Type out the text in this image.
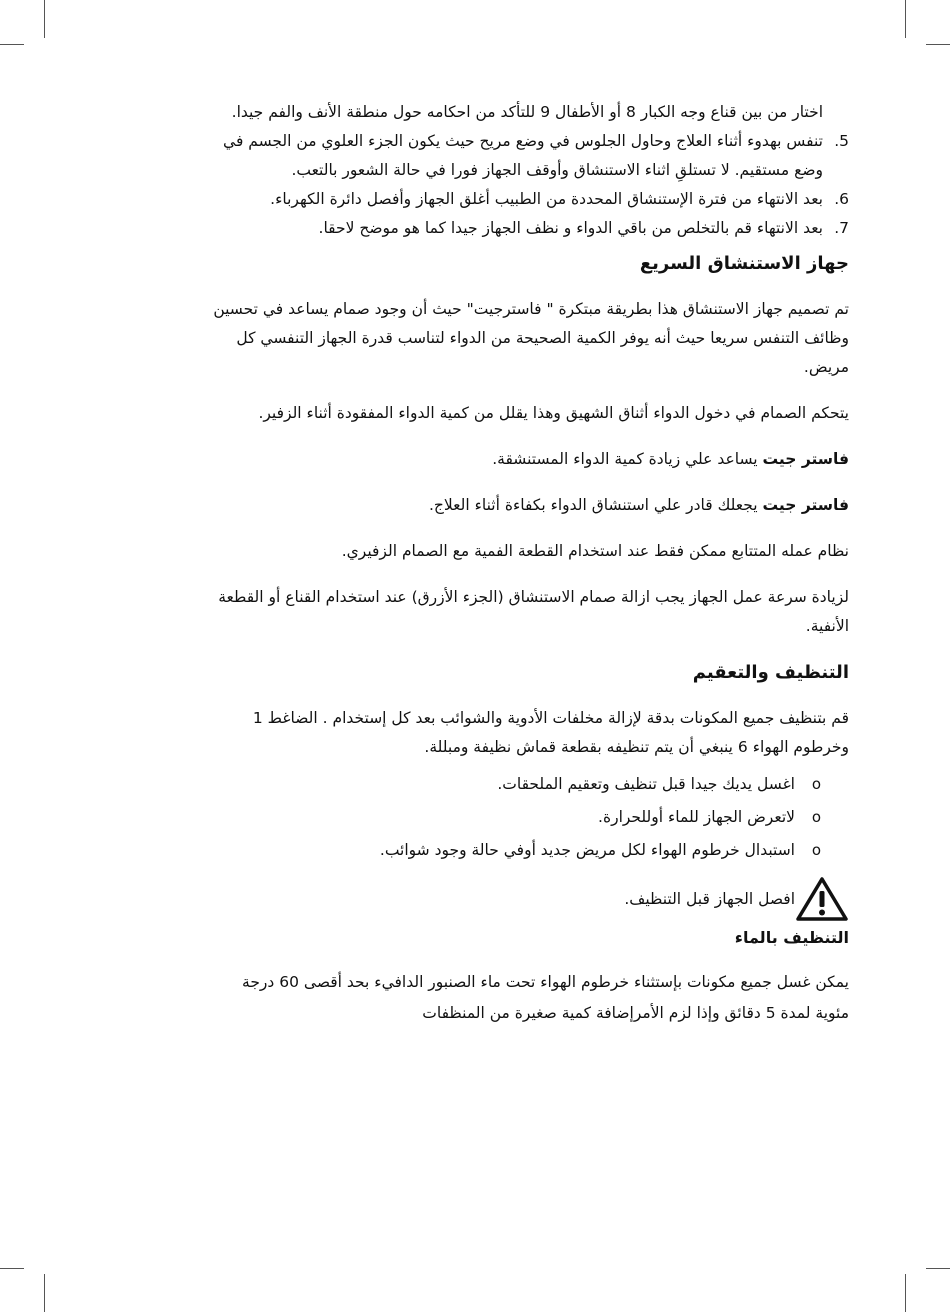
اختار من بين قناع وجه الكبار 8 أو الأطفال 9 للتأكد من احكامه حول منطقة الأنف والفم جيدا.
5.
تنفس بهدوء أثناء العلاج وحاول الجلوس في وضع مريح حيث يكون الجزء العلوي من الجسم في وضع مستقيم. لا تستلقِ اثناء الاستنشاق وأوقف الجهاز فورا في حالة الشعور بالتعب.
6.
بعد الانتهاء من فترة الإستنشاق المحددة من الطبيب أغلق الجهاز وأفصل دائرة الكهرباء.
7.
بعد الانتهاء قم بالتخلص من باقي الدواء و نظف الجهاز جيدا كما هو موضح لاحقا.
جهاز الاستنشاق السريع

تم تصميم جهاز الاستنشاق هذا بطريقة مبتكرة " فاسترجيت" حيث أن وجود صمام يساعد في تحسين وظائف التنفس سريعا حيث أنه يوفر الكمية الصحيحة من الدواء لتناسب قدرة الجهاز التنفسي كل مريض.

يتحكم الصمام في دخول الدواء أثناق الشهيق وهذا يقلل من كمية الدواء المفقودة أثناء الزفير.

فاستر جيت يساعد علي زيادة كمية الدواء المستنشقة.

فاستر جيت يجعلك قادر علي استنشاق الدواء بكفاءة أثناء العلاج.

نظام عمله المتتابع ممكن فقط عند استخدام القطعة الفمية مع الصمام الزفيري.

لزيادة سرعة عمل الجهاز يجب ازالة صمام الاستنشاق (الجزء الأزرق) عند استخدام القناع أو القطعة الأنفية.

التنظيف والتعقيم

قم بتنظيف جميع المكونات بدقة لإزالة مخلفات الأدوية والشوائب بعد كل إستخدام . الضاغط 1 وخرطوم الهواء 6 ينبغي أن يتم تنظيفه بقطعة قماش نظيفة ومبللة.

o
اغسل يديك جيدا قبل تنظيف وتعقيم الملحقات.
o
لاتعرض الجهاز للماء أوللحرارة.
o
استبدال خرطوم الهواء لكل مريض جديد أوفي حالة وجود شوائب.
افصل الجهاز قبل التنظيف.
التنظيف بالماء

يمكن غسل جميع مكونات بإستثناء خرطوم الهواء تحت ماء الصنبور الدافيء بحد أقصى 60 درجة مئوية لمدة 5 دقائق وإذا لزم الأمرإضافة كمية صغيرة من المنظفات
